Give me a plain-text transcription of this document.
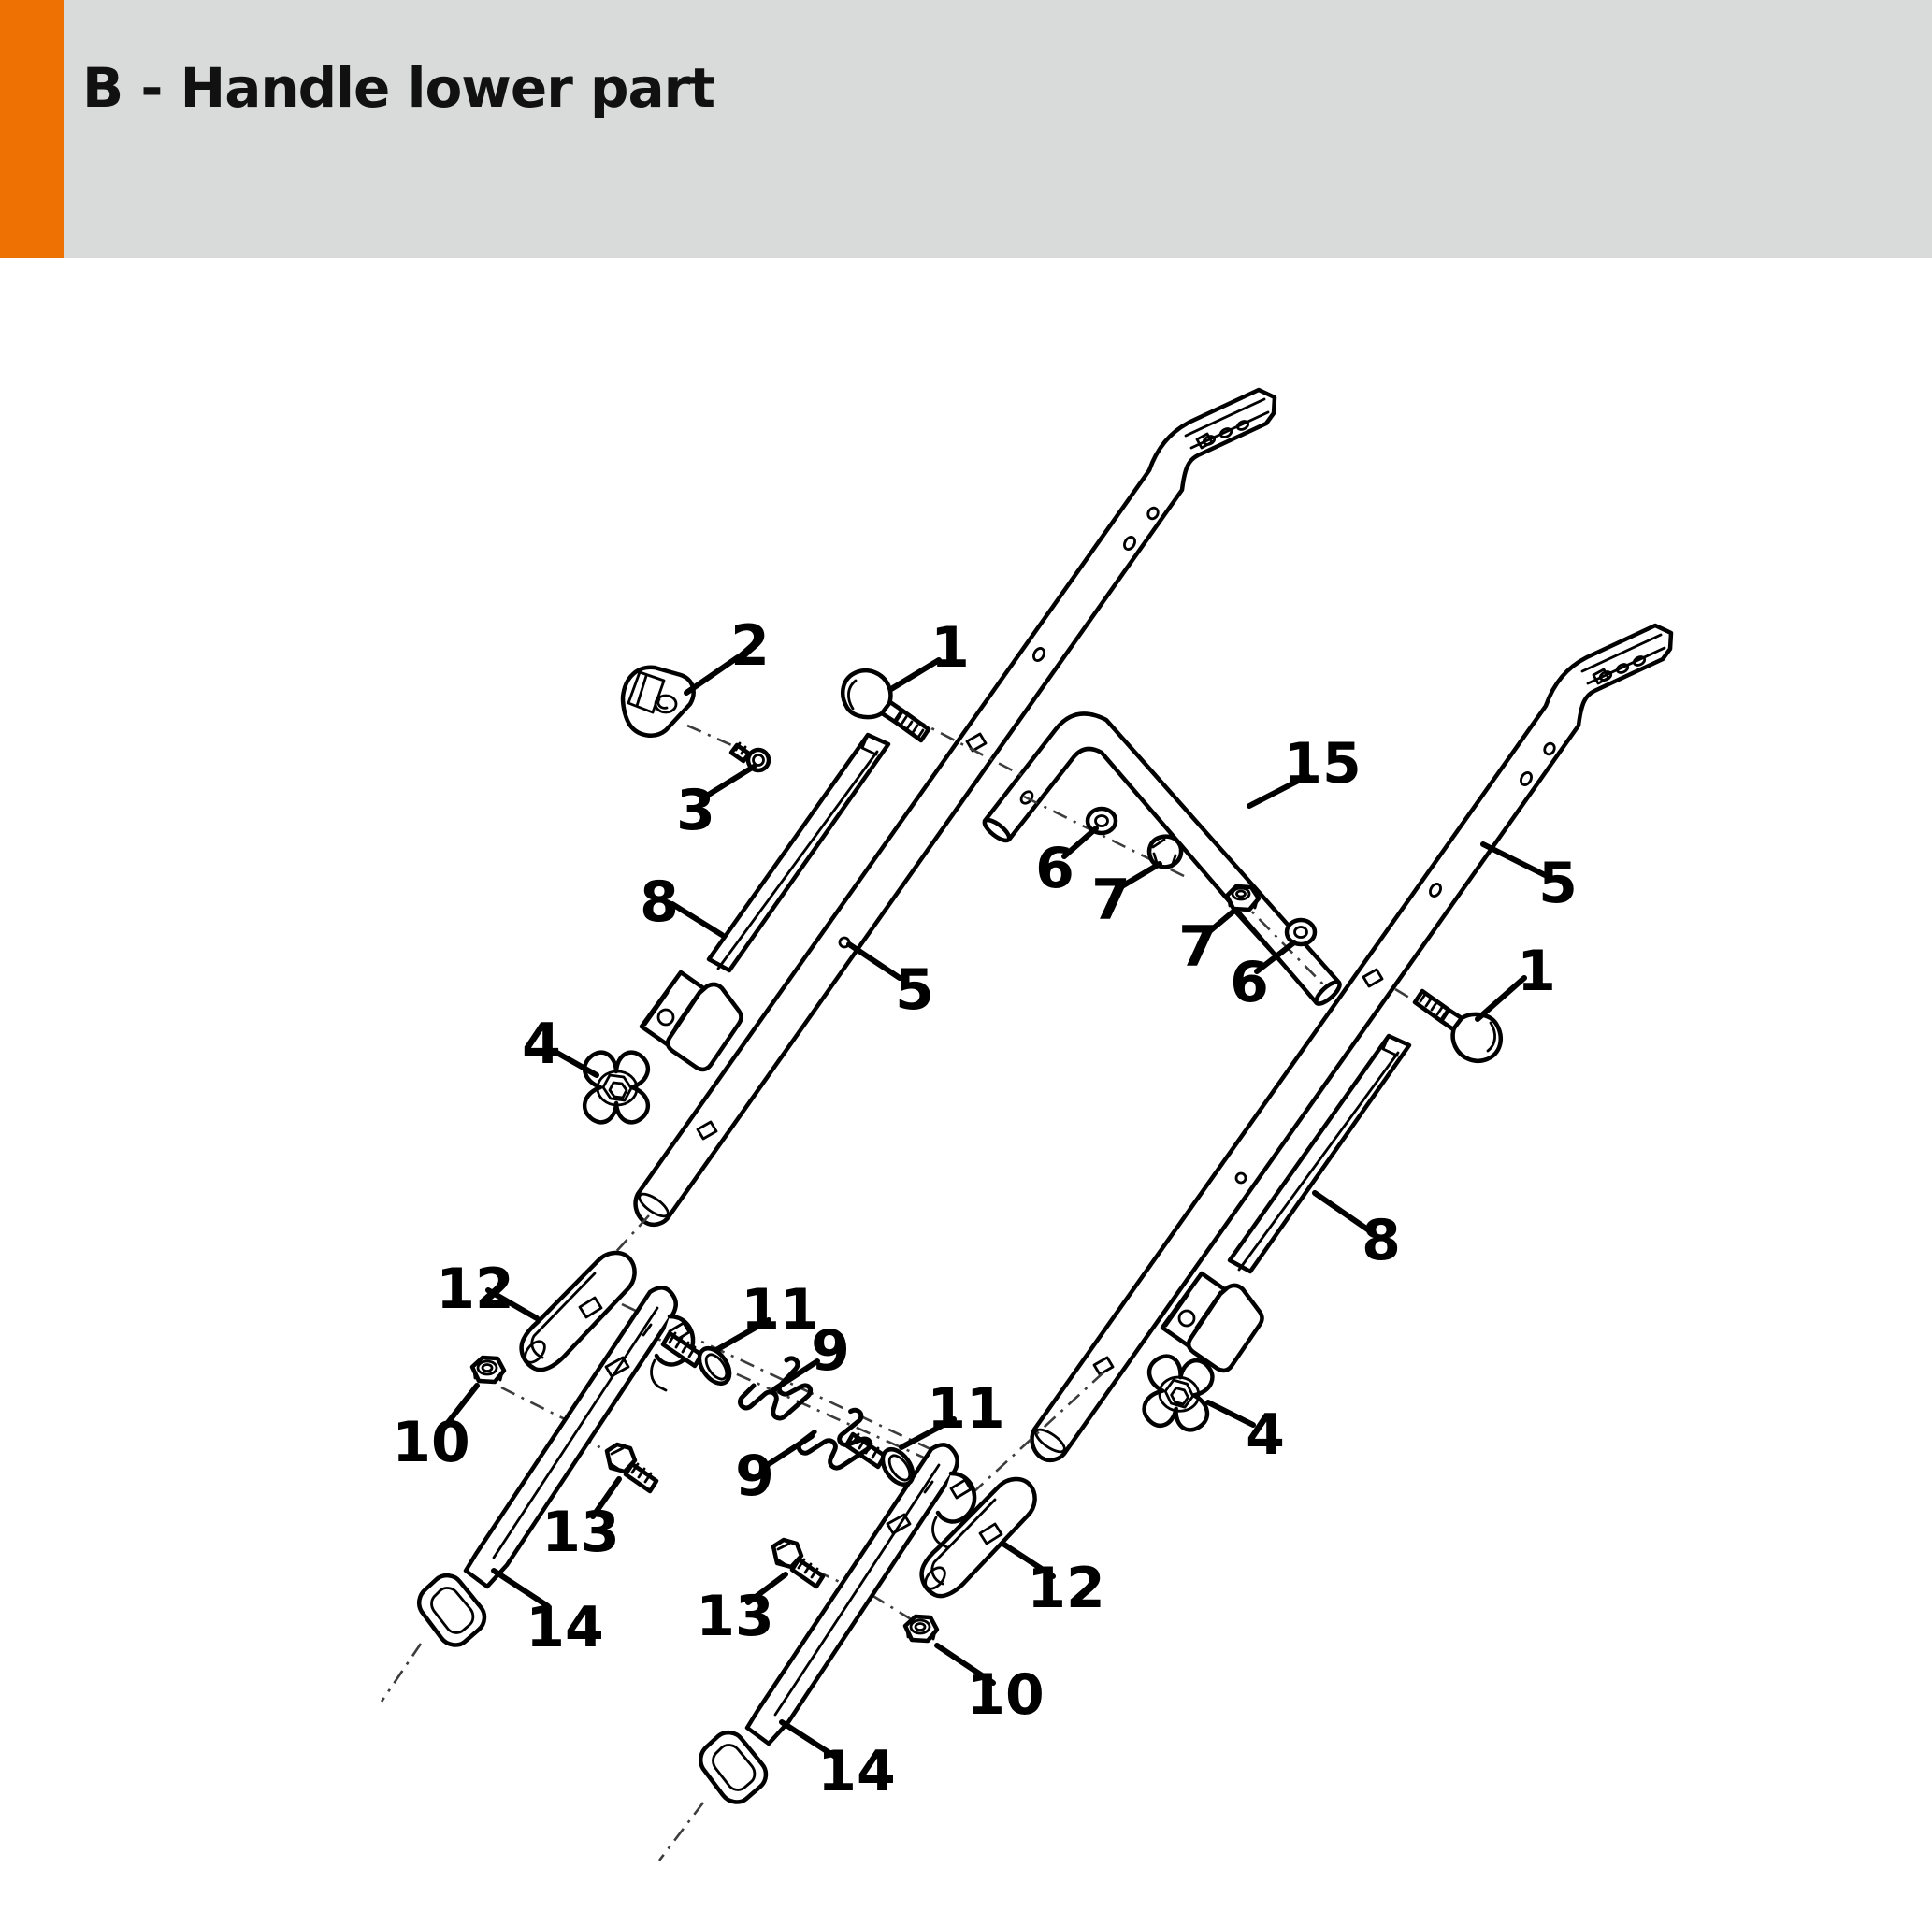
B - Handle lower part
2	1
15
3
8
6 7	5
7
6
5	1
4
8
12	11
9
10
11
9
4
13
12
13
14
10
14
